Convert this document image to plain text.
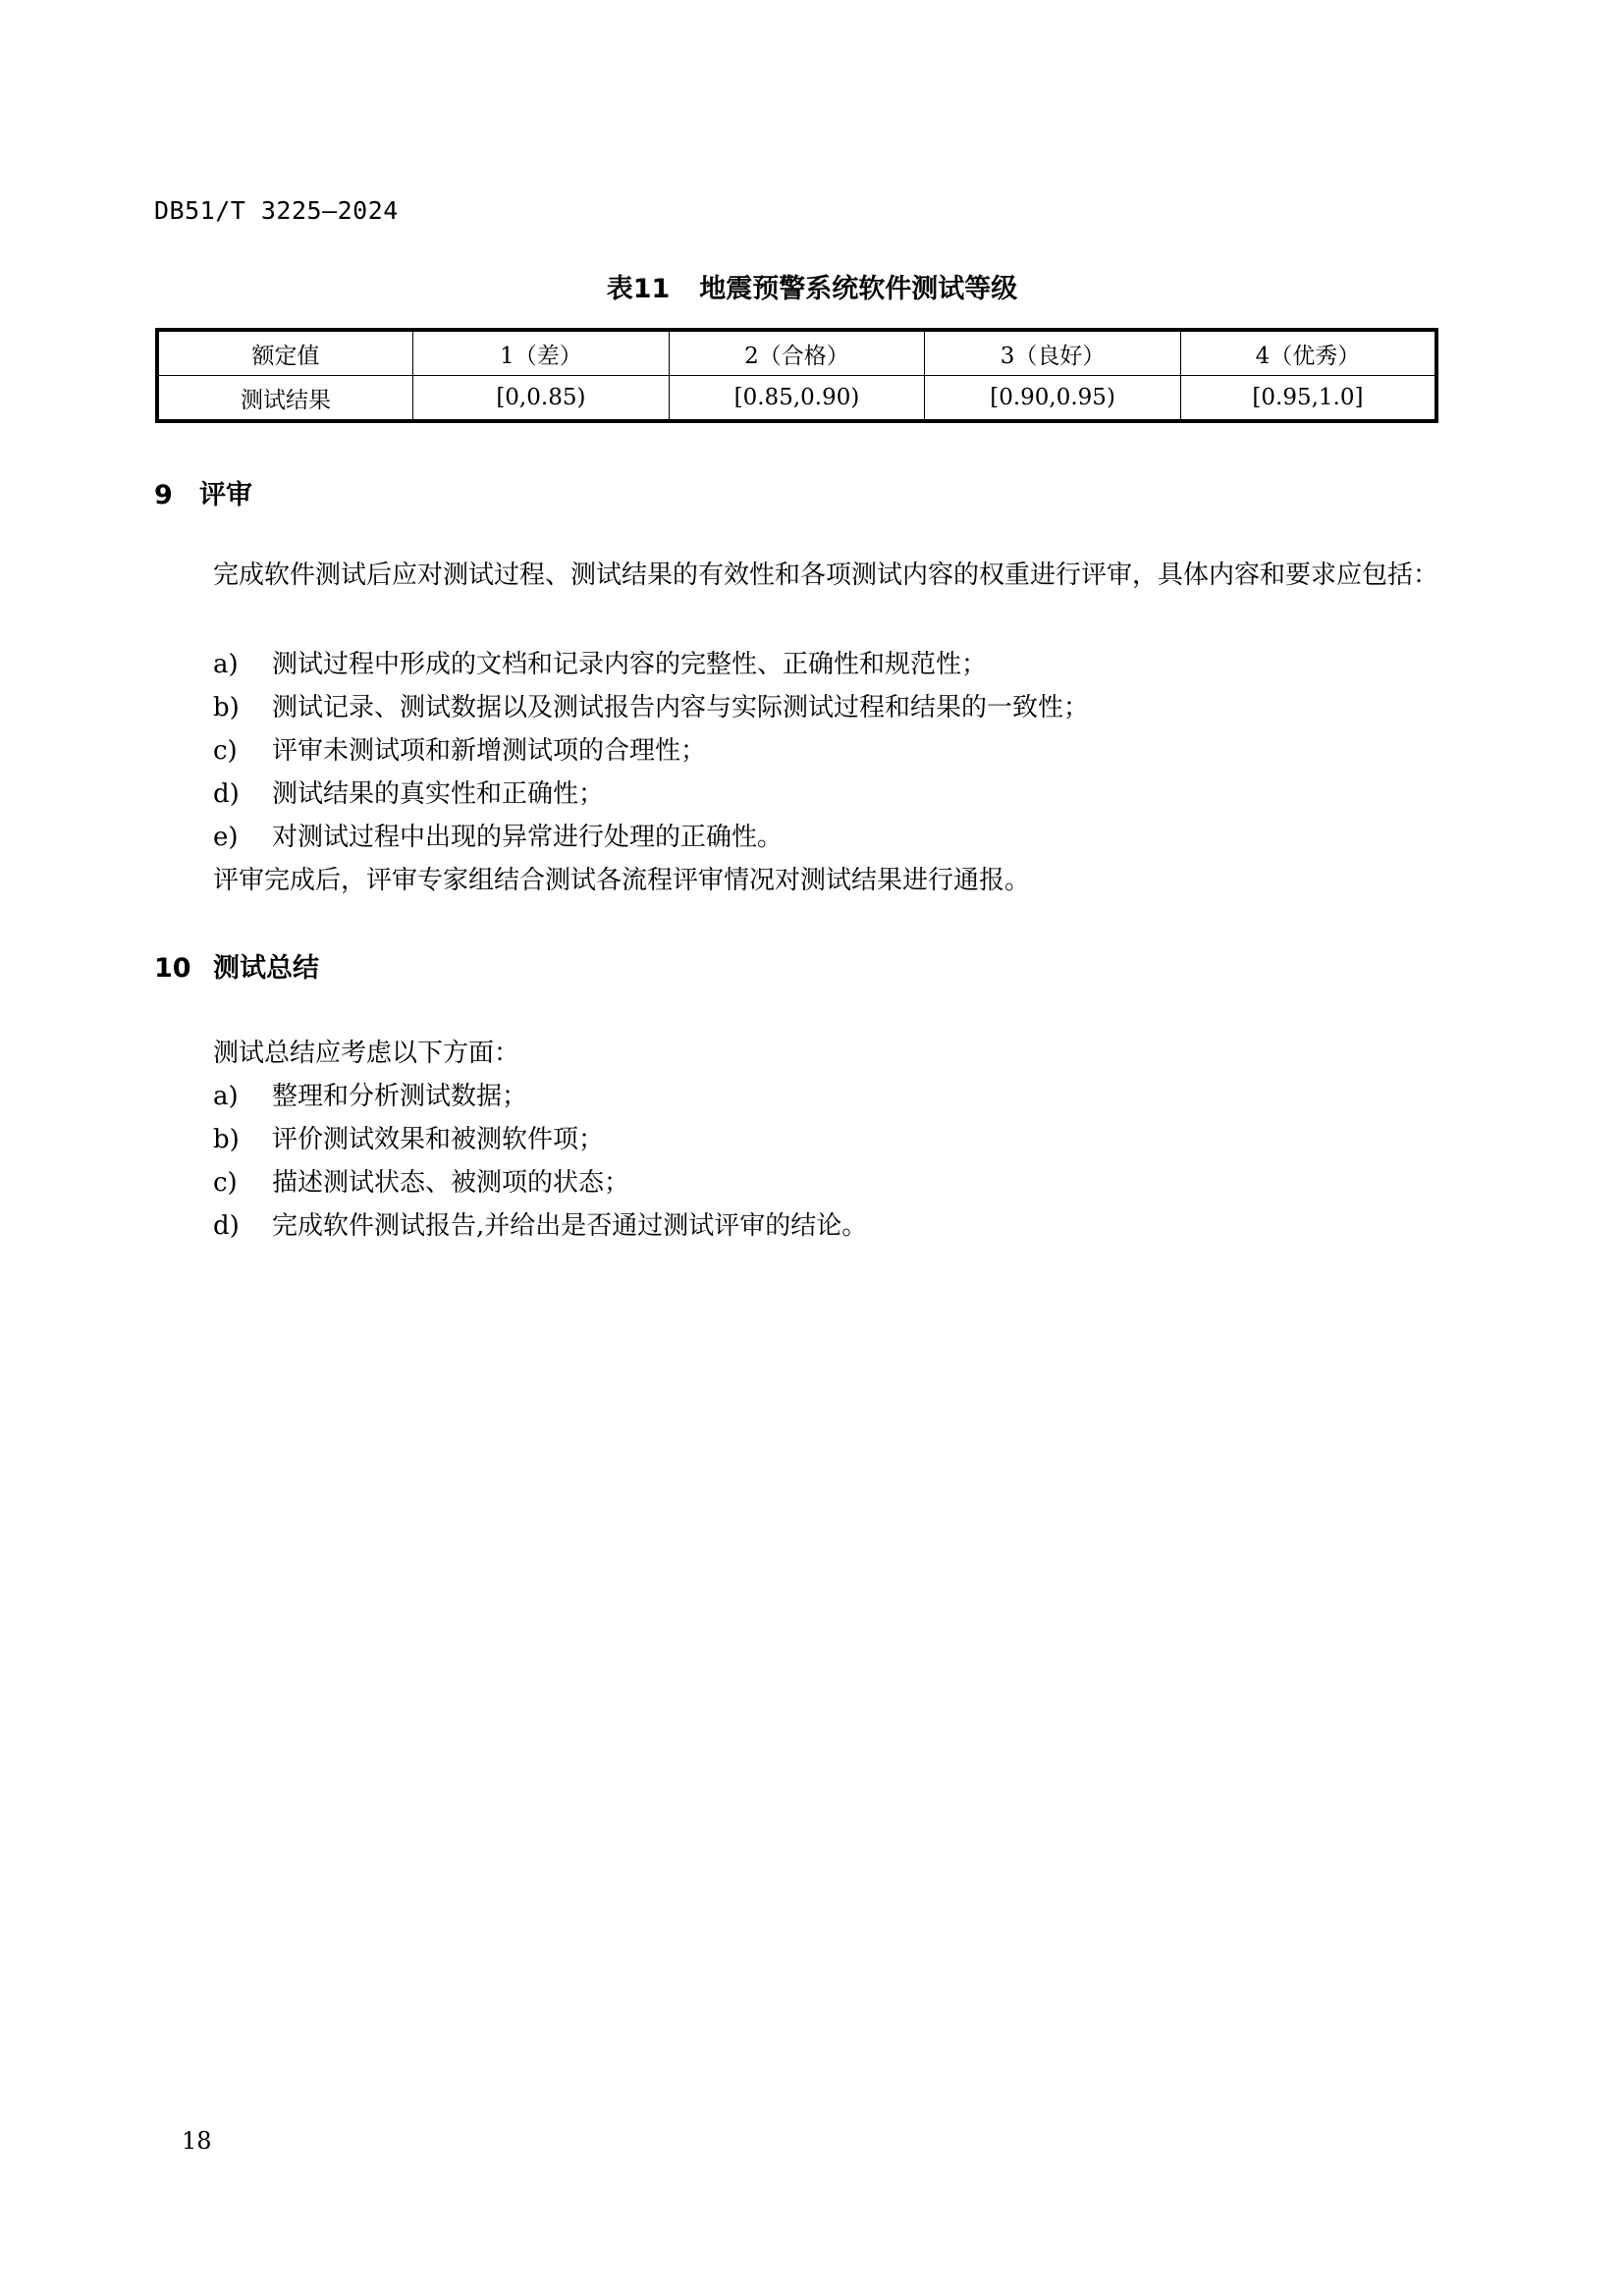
DB51/T 3225—2024
表11 地震预警系统软件测试等级
额定值	1（差）	2（合格）	3（良好）	4（优秀）
测试结果	[0,0.85)	[0.85,0.90)	[0.90,0.95)	[0.95,1.0]
9 评审
完成软件测试后应对测试过程、测试结果的有效性和各项测试内容的权重进行评审，具体内容和要求应包括：
a) 测试过程中形成的文档和记录内容的完整性、正确性和规范性；
b) 测试记录、测试数据以及测试报告内容与实际测试过程和结果的一致性；
c) 评审未测试项和新增测试项的合理性；
d) 测试结果的真实性和正确性；
e) 对测试过程中出现的异常进行处理的正确性。
评审完成后，评审专家组结合测试各流程评审情况对测试结果进行通报。
10 测试总结
测试总结应考虑以下方面：
a) 整理和分析测试数据；
b) 评价测试效果和被测软件项；
c) 描述测试状态、被测项的状态；
d) 完成软件测试报告,并给出是否通过测试评审的结论。
18
